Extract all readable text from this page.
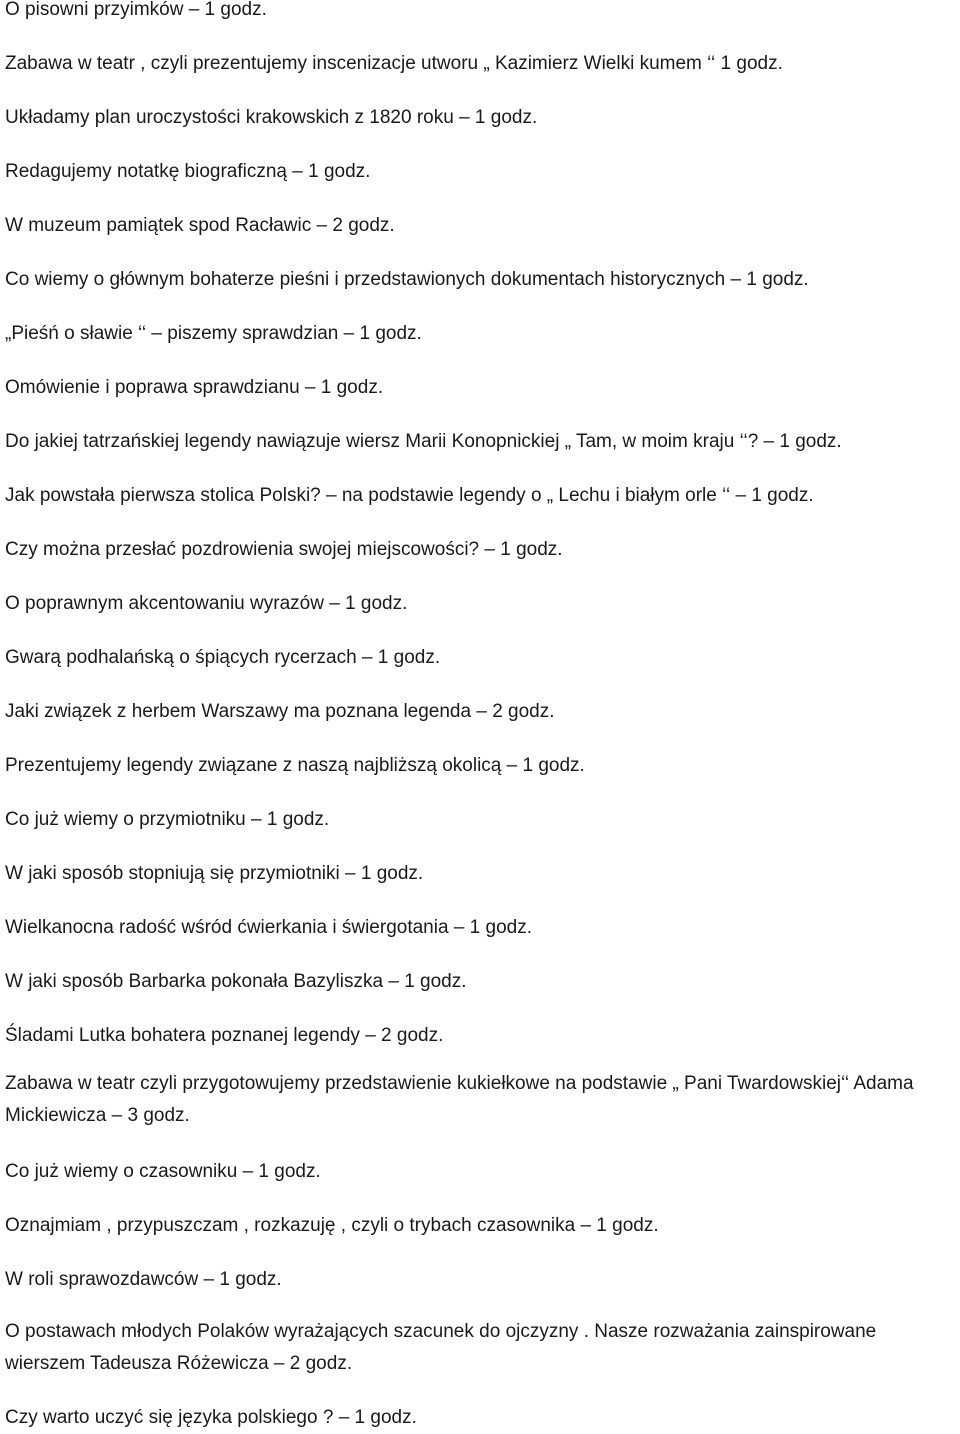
O pisowni przyimków – 1 godz.
Zabawa w teatr , czyli prezentujemy inscenizacje utworu „ Kazimierz Wielki kumem ‘‘ 1 godz.
Układamy plan uroczystości krakowskich z 1820 roku – 1 godz.
Redagujemy notatkę biograficzną – 1 godz.
W muzeum pamiątek spod Racławic – 2 godz.
Co wiemy o głównym bohaterze pieśni i przedstawionych dokumentach historycznych – 1 godz.
„Pieśń o sławie ‘‘ – piszemy sprawdzian – 1 godz.
Omówienie i poprawa sprawdzianu – 1 godz.
Do jakiej tatrzańskiej legendy nawiązuje wiersz Marii Konopnickiej „ Tam, w moim kraju ‘‘? – 1 godz.
Jak powstała pierwsza stolica Polski? – na podstawie legendy o „ Lechu i białym orle ‘‘ – 1 godz.
Czy można przesłać pozdrowienia swojej miejscowości? – 1 godz.
O poprawnym akcentowaniu wyrazów – 1 godz.
Gwarą podhalańską o śpiących rycerzach – 1 godz.
Jaki związek z herbem Warszawy ma poznana legenda – 2 godz.
Prezentujemy legendy związane z naszą najbliższą okolicą – 1 godz.
Co już wiemy o przymiotniku – 1 godz.
W jaki sposób stopniują się przymiotniki – 1 godz.
Wielkanocna radość wśród ćwierkania i świergotania – 1 godz.
W jaki sposób Barbarka pokonała Bazyliszka – 1 godz.
Śladami Lutka bohatera poznanej legendy – 2 godz.
Zabawa w teatr czyli przygotowujemy przedstawienie kukiełkowe na podstawie „ Pani Twardowskiej‘‘ Adama Mickiewicza – 3 godz.
Co już wiemy o czasowniku – 1 godz.
Oznajmiam , przypuszczam , rozkazuję , czyli o trybach czasownika – 1 godz.
W roli sprawozdawców – 1 godz.
O postawach młodych Polaków wyrażających szacunek do ojczyzny . Nasze rozważania zainspirowane wierszem Tadeusza Różewicza – 2 godz.
Czy warto uczyć się języka polskiego ? – 1 godz.
